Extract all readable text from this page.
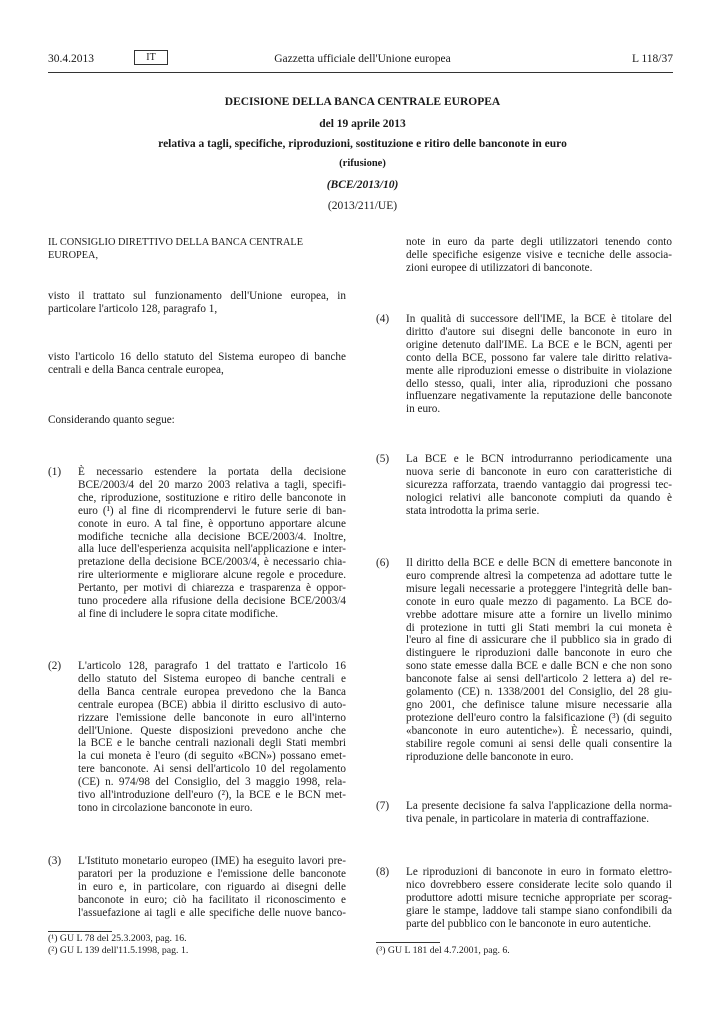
30.4.2013	IT	Gazzetta ufficiale dell'Unione europea	L 118/37
DECISIONE DELLA BANCA CENTRALE EUROPEA
del 19 aprile 2013
relativa a tagli, specifiche, riproduzioni, sostituzione e ritiro delle banconote in euro
(rifusione)
(BCE/2013/10)
(2013/211/UE)
IL CONSIGLIO DIRETTIVO DELLA BANCA CENTRALE EUROPEA,
visto il trattato sul funzionamento dell'Unione europea, in particolare l'articolo 128, paragrafo 1,
visto l'articolo 16 dello statuto del Sistema europeo di banche centrali e della Banca centrale europea,
Considerando quanto segue:
(1) È necessario estendere la portata della decisione
BCE/2003/4 del 20 marzo 2003 relativa a tagli, specifi-
che, riproduzione, sostituzione e ritiro delle banconote in
euro (¹) al fine di ricomprendervi le future serie di ban-
conote in euro. A tal fine, è opportuno apportare alcune
modifiche tecniche alla decisione BCE/2003/4. Inoltre,
alla luce dell'esperienza acquisita nell'applicazione e inter-
pretazione della decisione BCE/2003/4, è necessario chia-
rire ulteriormente e migliorare alcune regole e procedure.
Pertanto, per motivi di chiarezza e trasparenza è oppor-
tuno procedere alla rifusione della decisione BCE/2003/4
al fine di includere le sopra citate modifiche.
(2) L'articolo 128, paragrafo 1 del trattato e l'articolo 16
dello statuto del Sistema europeo di banche centrali e
della Banca centrale europea prevedono che la Banca
centrale europea (BCE) abbia il diritto esclusivo di auto-
rizzare l'emissione delle banconote in euro all'interno
dell'Unione. Queste disposizioni prevedono anche che
la BCE e le banche centrali nazionali degli Stati membri
la cui moneta è l'euro (di seguito «BCN») possano emet-
tere banconote. Ai sensi dell'articolo 10 del regolamento
(CE) n. 974/98 del Consiglio, del 3 maggio 1998, rela-
tivo all'introduzione dell'euro (²), la BCE e le BCN met-
tono in circolazione banconote in euro.
(3) L'Istituto monetario europeo (IME) ha eseguito lavori pre-
paratori per la produzione e l'emissione delle banconote
in euro e, in particolare, con riguardo ai disegni delle
banconote in euro; ciò ha facilitato il riconoscimento e
l'assuefazione ai tagli e alle specifiche delle nuove banco-
(¹) GU L 78 del 25.3.2003, pag. 16.
(²) GU L 139 dell'11.5.1998, pag. 1.
note in euro da parte degli utilizzatori tenendo conto
delle specifiche esigenze visive e tecniche delle associa-
zioni europee di utilizzatori di banconote.
(4) In qualità di successore dell'IME, la BCE è titolare del
diritto d'autore sui disegni delle banconote in euro in
origine detenuto dall'IME. La BCE e le BCN, agenti per
conto della BCE, possono far valere tale diritto relativa-
mente alle riproduzioni emesse o distribuite in violazione
dello stesso, quali, inter alia, riproduzioni che possano
influenzare negativamente la reputazione delle banconote
in euro.
(5) La BCE e le BCN introdurranno periodicamente una
nuova serie di banconote in euro con caratteristiche di
sicurezza rafforzata, traendo vantaggio dai progressi tec-
nologici relativi alle banconote compiuti da quando è
stata introdotta la prima serie.
(6) Il diritto della BCE e delle BCN di emettere banconote in
euro comprende altresì la competenza ad adottare tutte le
misure legali necessarie a proteggere l'integrità delle ban-
conote in euro quale mezzo di pagamento. La BCE do-
vrebbe adottare misure atte a fornire un livello minimo
di protezione in tutti gli Stati membri la cui moneta è
l'euro al fine di assicurare che il pubblico sia in grado di
distinguere le riproduzioni dalle banconote in euro che
sono state emesse dalla BCE e dalle BCN e che non sono
banconote false ai sensi dell'articolo 2 lettera a) del re-
golamento (CE) n. 1338/2001 del Consiglio, del 28 giu-
gno 2001, che definisce talune misure necessarie alla
protezione dell'euro contro la falsificazione (³) (di seguito
«banconote in euro autentiche»). È necessario, quindi,
stabilire regole comuni ai sensi delle quali consentire la
riproduzione delle banconote in euro.
(7) La presente decisione fa salva l'applicazione della norma-
tiva penale, in particolare in materia di contraffazione.
(8) Le riproduzioni di banconote in euro in formato elettro-
nico dovrebbero essere considerate lecite solo quando il
produttore adotti misure tecniche appropriate per scorag-
giare le stampe, laddove tali stampe siano confondibili da
parte del pubblico con le banconote in euro autentiche.
(³) GU L 181 del 4.7.2001, pag. 6.
